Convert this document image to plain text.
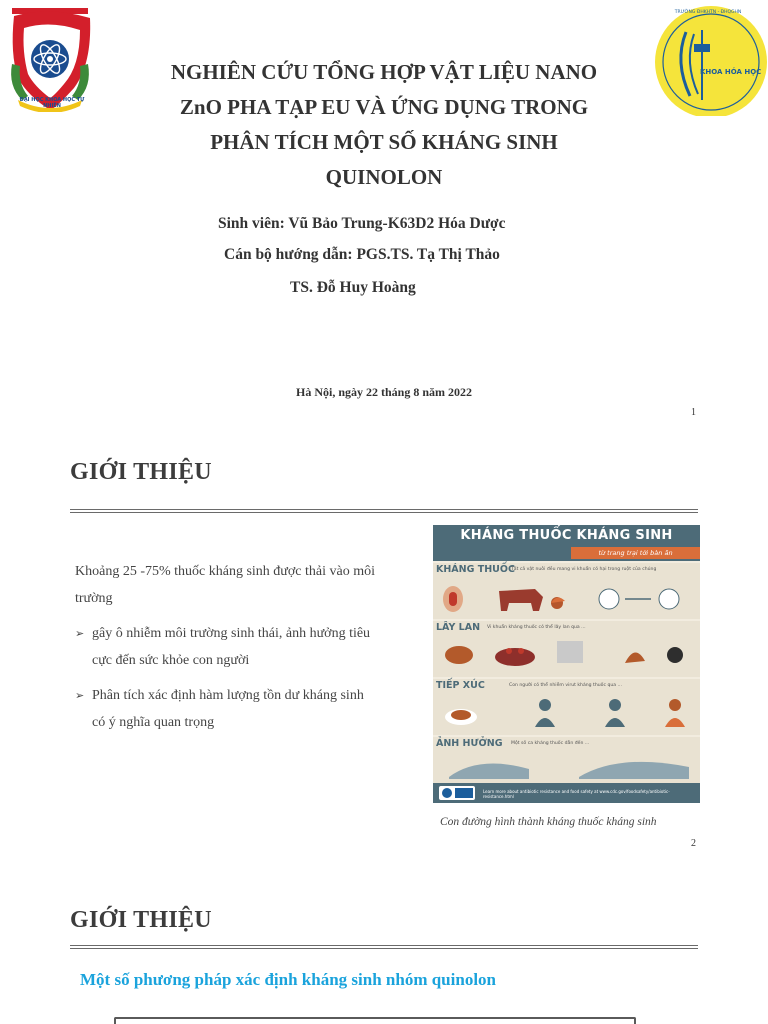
ĐẠI HỌC KHOA HỌC TỰ NHIÊN
TRƯỜNG ĐHKHTN - ĐHQGHN
KHOA HÓA HỌC
NGHIÊN CỨU TỔNG HỢP VẬT LIỆU NANO
ZnO PHA TẠP EU VÀ ỨNG DỤNG TRONG
PHÂN TÍCH MỘT SỐ KHÁNG SINH
QUINOLON
Sinh viên: Vũ Bảo Trung-K63D2 Hóa Dược
Cán bộ hướng dẫn: PGS.TS. Tạ Thị Thảo
TS. Đỗ Huy Hoàng
Hà Nội, ngày 22 tháng 8 năm 2022
1
GIỚI THIỆU

Khoảng 25 -75% thuốc kháng sinh được thải vào môi trường

➢ gây ô nhiễm môi trường sinh thái, ảnh hưởng tiêu cực đến sức khỏe con người
➢ Phân tích xác định hàm lượng tồn dư kháng sinh có ý nghĩa quan trọng
KHÁNG THUỐC KHÁNG SINH
từ trang trại tới bàn ăn
KHÁNG THUỐC
Tất cả vật nuôi đều mang vi khuẩn có hại trong ruột của chúng
LÂY LAN Vi khuẩn kháng thuốc có thể lây lan qua ...
TIẾP XÚC	Con người có thể nhiễm virut kháng thuốc qua ...
ẢNH HƯỞNG Một số ca kháng thuốc dẫn đến ...
Learn more about antibiotic resistance and food safety at www.cdc.gov/foodsafety/antibiotic-resistance.html
Con đường hình thành kháng thuốc kháng sinh
2
GIỚI THIỆU
Một số phương pháp xác định kháng sinh nhóm quinolon
